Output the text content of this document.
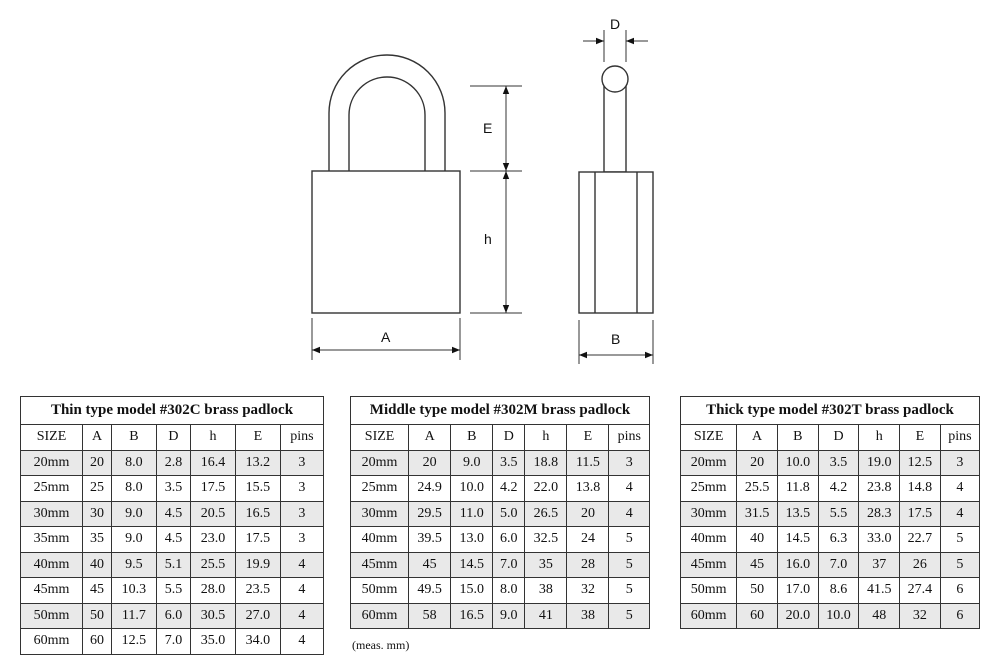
E
h
A
D
B
Thin type model #302C brass padlock						
SIZE	A	B	D	h	E	pins
20mm	20	8.0	2.8	16.4	13.2	3
25mm	25	8.0	3.5	17.5	15.5	3
30mm	30	9.0	4.5	20.5	16.5	3
35mm	35	9.0	4.5	23.0	17.5	3
40mm	40	9.5	5.1	25.5	19.9	4
45mm	45	10.3	5.5	28.0	23.5	4
50mm	50	11.7	6.0	30.5	27.0	4
60mm	60	12.5	7.0	35.0	34.0	4
Middle type model #302M brass padlock						
SIZE	A	B	D	h	E	pins
20mm	20	9.0	3.5	18.8	11.5	3
25mm	24.9	10.0	4.2	22.0	13.8	4
30mm	29.5	11.0	5.0	26.5	20	4
40mm	39.5	13.0	6.0	32.5	24	5
45mm	45	14.5	7.0	35	28	5
50mm	49.5	15.0	8.0	38	32	5
60mm	58	16.5	9.0	41	38	5
Thick type model #302T brass padlock						
SIZE	A	B	D	h	E	pins
20mm	20	10.0	3.5	19.0	12.5	3
25mm	25.5	11.8	4.2	23.8	14.8	4
30mm	31.5	13.5	5.5	28.3	17.5	4
40mm	40	14.5	6.3	33.0	22.7	5
45mm	45	16.0	7.0	37	26	5
50mm	50	17.0	8.6	41.5	27.4	6
60mm	60	20.0	10.0	48	32	6
(meas. mm)
